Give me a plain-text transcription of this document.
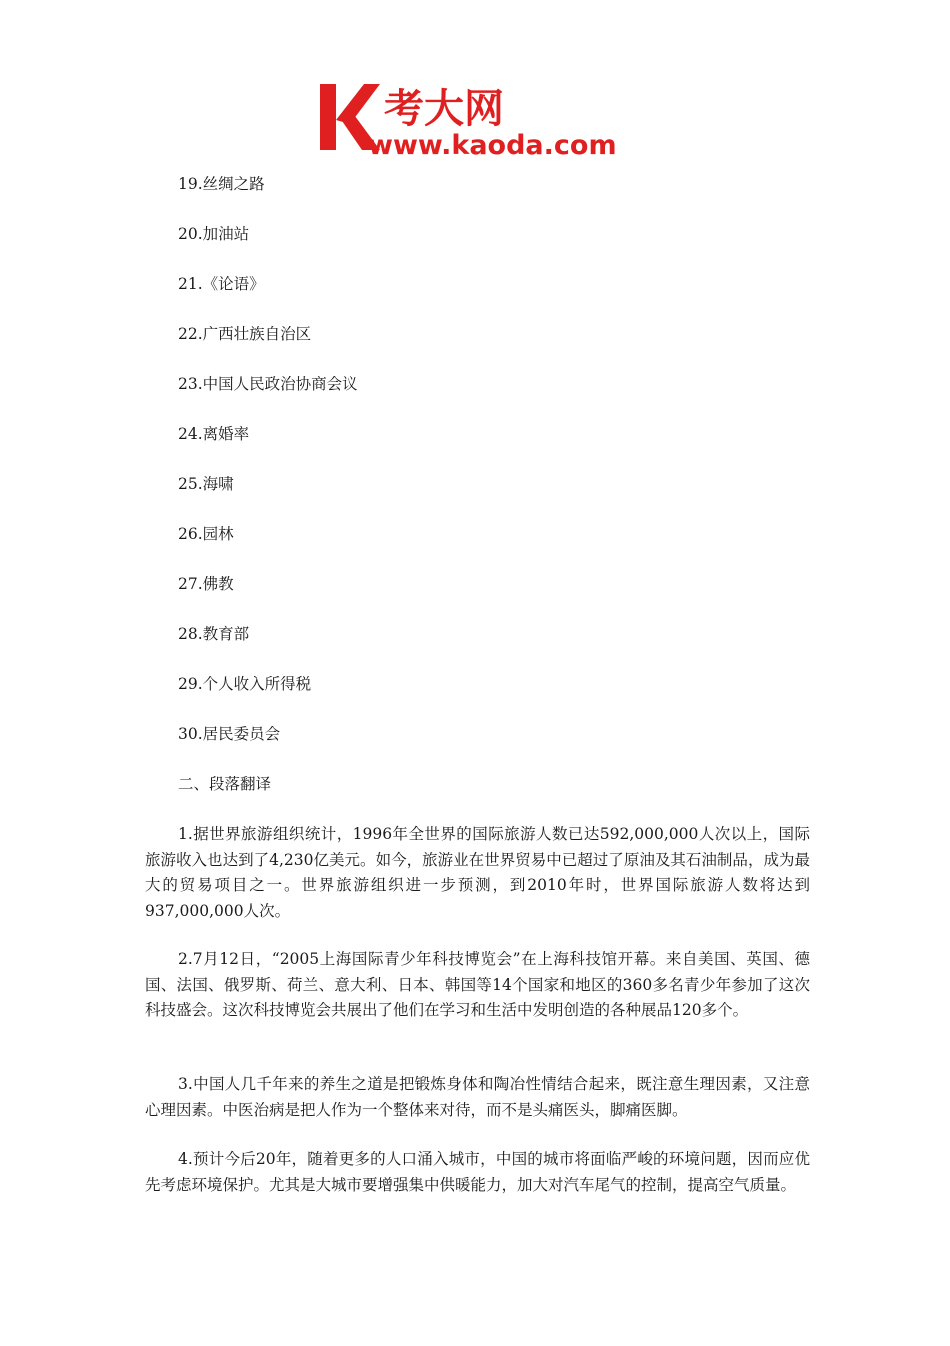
考大网
www.kaoda.com
19.丝绸之路
20.加油站
21.《论语》
22.广西壮族自治区
23.中国人民政治协商会议
24.离婚率
25.海啸
26.园林
27.佛教
28.教育部
29.个人收入所得税
30.居民委员会
二、段落翻译

1.据世界旅游组织统计，1996年全世界的国际旅游人数已达592,000,000人次以上，国际旅游收入也达到了4,230亿美元。如今，旅游业在世界贸易中已超过了原油及其石油制品，成为最大的贸易项目之一。世界旅游组织进一步预测，到2010年时，世界国际旅游人数将达到937,000,000人次。

2.7月12日，“2005上海国际青少年科技博览会”在上海科技馆开幕。来自美国、英国、德国、法国、俄罗斯、荷兰、意大利、日本、韩国等14个国家和地区的360多名青少年参加了这次科技盛会。这次科技博览会共展出了他们在学习和生活中发明创造的各种展品120多个。

3.中国人几千年来的养生之道是把锻炼身体和陶冶性情结合起来，既注意生理因素，又注意心理因素。中医治病是把人作为一个整体来对待，而不是头痛医头，脚痛医脚。

4.预计今后20年，随着更多的人口涌入城市，中国的城市将面临严峻的环境问题，因而应优先考虑环境保护。尤其是大城市要增强集中供暖能力，加大对汽车尾气的控制，提高空气质量。
